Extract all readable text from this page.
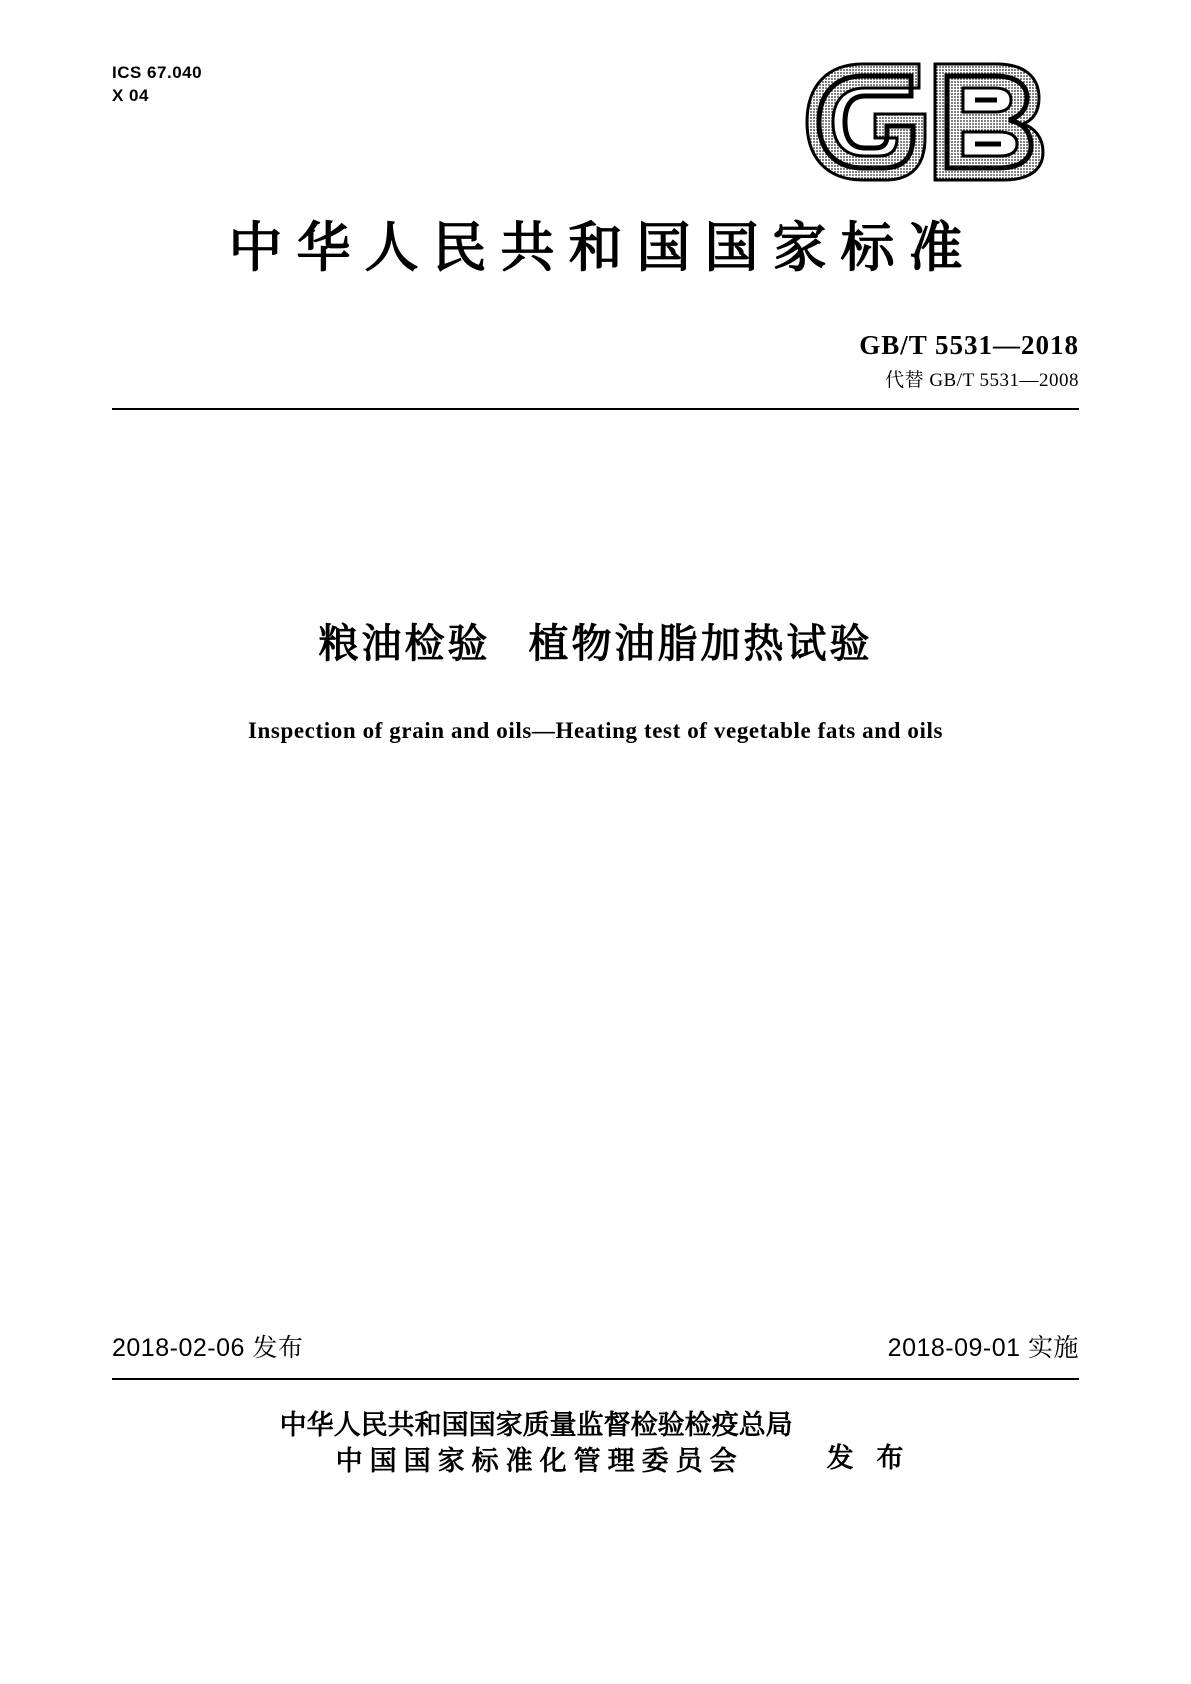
ICS 67.040
X 04
中华人民共和国国家标准
GB/T 5531—2018
代替 GB/T 5531—2008
粮油检验 植物油脂加热试验
Inspection of grain and oils—Heating test of vegetable fats and oils
2018-02-06 发布	2018-09-01 实施
中华人民共和国国家质量监督检验检疫总局
中国国家标准化管理委员会	发 布
